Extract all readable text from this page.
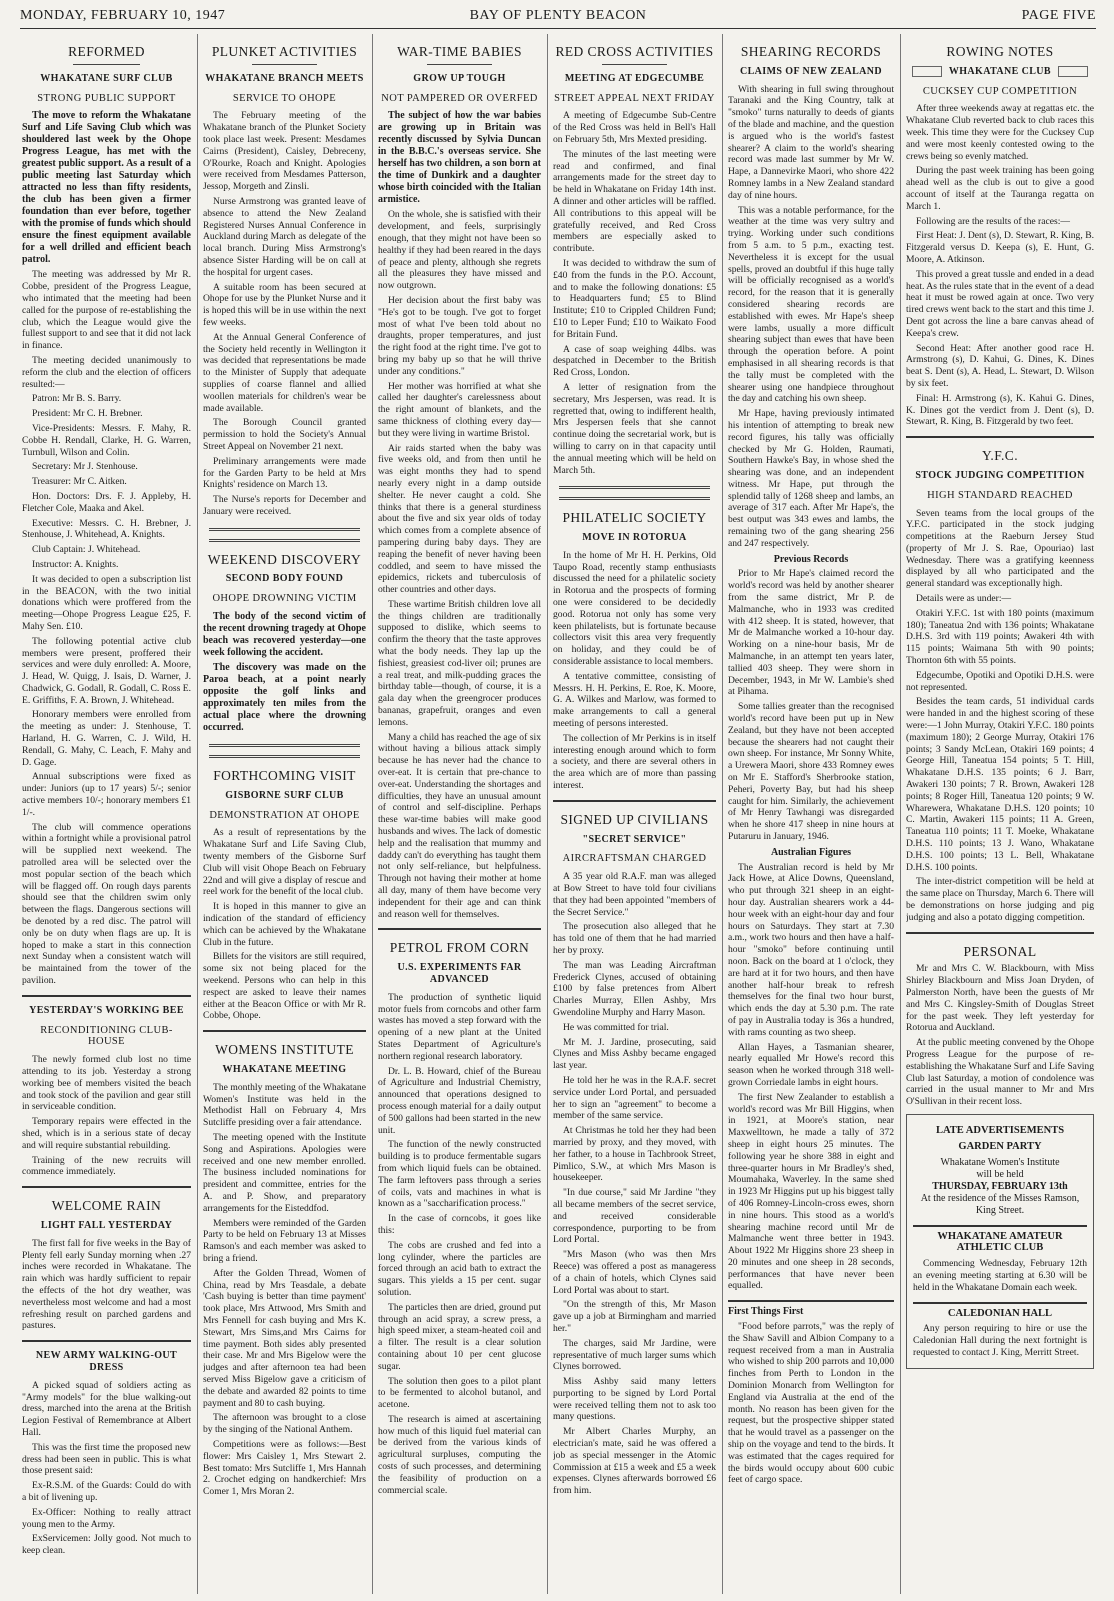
MONDAY, FEBRUARY 10, 1947	BAY OF PLENTY BEACON	PAGE FIVE
REFORMED
WHAKATANE SURF CLUB
STRONG PUBLIC SUPPORT

The move to reform the Whakatane Surf and Life Saving Club which was shouldered last week by the Ohope Progress League, has met with the greatest public support. As a result of a public meeting last Saturday which attracted no less than fifty residents, the club has been given a firmer foundation than ever before, together with the promise of funds which should ensure the finest equipment available for a well drilled and efficient beach patrol.

The meeting was addressed by Mr R. Cobbe, president of the Progress League, who intimated that the meeting had been called for the purpose of re-establishing the club, which the League would give the fullest support to and see that it did not lack in finance.

The meeting decided unanimously to reform the club and the election of officers resulted:—

Patron: Mr B. S. Barry.

President: Mr C. H. Brebner.

Vice-Presidents: Messrs. F. Mahy, R. Cobbe H. Rendall, Clarke, H. G. Warren, Turnbull, Wilson and Colin.

Secretary: Mr J. Stenhouse.

Treasurer: Mr C. Aitken.

Hon. Doctors: Drs. F. J. Appleby, H. Fletcher Cole, Maaka and Akel.

Executive: Messrs. C. H. Brebner, J. Stenhouse, J. Whitehead, A. Knights.

Club Captain: J. Whitehead.

Instructor: A. Knights.

It was decided to open a subscription list in the BEACON, with the two initial donations which were proffered from the meeting—Ohope Progress League £25, F. Mahy Sen. £10.

The following potential active club members were present, proffered their services and were duly enrolled: A. Moore, J. Head, W. Quigg, J. Isais, D. Warner, J. Chadwick, G. Godall, R. Godall, C. Ross E. E. Griffiths, F. A. Brown, J. Whitehead.

Honorary members were enrolled from the meeting as under: J. Stenhouse, T. Harland, H. G. Warren, C. J. Wild, H. Rendall, G. Mahy, C. Leach, F. Mahy and D. Gage.

Annual subscriptions were fixed as under: Juniors (up to 17 years) 5/-; senior active members 10/-; honorary members £1 1/-.

The club will commence operations within a fortnight while a provisional patrol will be supplied next weekend. The patrolled area will be selected over the most popular section of the beach which will be flagged off. On rough days parents should see that the children swim only between the flags. Dangerous sections will be denoted by a red disc. The patrol will only be on duty when flags are up. It is hoped to make a start in this connection next Sunday when a consistent watch will be maintained from the tower of the pavilion.

YESTERDAY'S WORKING BEE
RECONDITIONING CLUB-HOUSE

The newly formed club lost no time attending to its job. Yesterday a strong working bee of members visited the beach and took stock of the pavilion and gear still in serviceable condition.

Temporary repairs were effected in the shed, which is in a serious state of decay and will require substantial rebuilding.

Training of the new recruits will commence immediately.

WELCOME RAIN
LIGHT FALL YESTERDAY

The first fall for five weeks in the Bay of Plenty fell early Sunday morning when .27 inches were recorded in Whakatane. The rain which was hardly sufficient to repair the effects of the hot dry weather, was nevertheless most welcome and had a most refreshing result on parched gardens and pastures.

NEW ARMY WALKING-OUT DRESS

A picked squad of soldiers acting as "Army models" for the blue walking-out dress, marched into the arena at the British Legion Festival of Remembrance at Albert Hall.

This was the first time the proposed new dress had been seen in public. This is what those present said:

Ex-R.S.M. of the Guards: Could do with a bit of livening up.

Ex-Officer: Nothing to really attract young men to the Army.

ExServicemen: Jolly good. Not much to keep clean.

PLUNKET ACTIVITIES
WHAKATANE BRANCH MEETS
SERVICE TO OHOPE

The February meeting of the Whakatane branch of the Plunket Society took place last week. Present: Mesdames Cairns (President), Caisley, Debreceny, O'Rourke, Roach and Knight. Apologies were received from Mesdames Patterson, Jessop, Morgeth and Zinsli.

Nurse Armstrong was granted leave of absence to attend the New Zealand Registered Nurses Annual Conference in Auckland during March as delegate of the local branch. During Miss Armstrong's absence Sister Harding will be on call at the hospital for urgent cases.

A suitable room has been secured at Ohope for use by the Plunket Nurse and it is hoped this will be in use within the next few weeks.

At the Annual General Conference of the Society held recently in Wellington it was decided that representations be made to the Minister of Supply that adequate supplies of coarse flannel and allied woollen materials for children's wear be made available.

The Borough Council granted permission to hold the Society's Annual Street Appeal on November 21 next.

Preliminary arrangements were made for the Garden Party to be held at Mrs Knights' residence on March 13.

The Nurse's reports for December and January were received.

WEEKEND DISCOVERY
SECOND BODY FOUND
OHOPE DROWNING VICTIM

The body of the second victim of the recent drowning tragedy at Ohope beach was recovered yesterday—one week following the accident.

The discovery was made on the Paroa beach, at a point nearly opposite the golf links and approximately ten miles from the actual place where the drowning occurred.

FORTHCOMING VISIT
GISBORNE SURF CLUB
DEMONSTRATION AT OHOPE

As a result of representations by the Whakatane Surf and Life Saving Club, twenty members of the Gisborne Surf Club will visit Ohope Beach on February 22nd and will give a display of rescue and reel work for the benefit of the local club.

It is hoped in this manner to give an indication of the standard of efficiency which can be achieved by the Whakatane Club in the future.

Billets for the visitors are still required, some six not being placed for the weekend. Persons who can help in this respect are asked to leave their names either at the Beacon Office or with Mr R. Cobbe, Ohope.

WOMENS INSTITUTE
WHAKATANE MEETING

The monthly meeting of the Whakatane Women's Institute was held in the Methodist Hall on February 4, Mrs Sutcliffe presiding over a fair attendance.

The meeting opened with the Institute Song and Aspirations. Apologies were received and one new member enrolled. The business included nominations for president and committee, entries for the A. and P. Show, and preparatory arrangements for the Eisteddfod.

Members were reminded of the Garden Party to be held on February 13 at Misses Ramson's and each member was asked to bring a friend.

After the Golden Thread, Women of China, read by Mrs Teasdale, a debate 'Cash buying is better than time payment' took place, Mrs Attwood, Mrs Smith and Mrs Fennell for cash buying and Mrs K. Stewart, Mrs Sims,and Mrs Cairns for time payment. Both sides ably presented their case. Mr and Mrs Bigelow were the judges and after afternoon tea had been served Miss Bigelow gave a criticism of the debate and awarded 82 points to time payment and 80 to cash buying.

The afternoon was brought to a close by the singing of the National Anthem.

Competitions were as follows:—Best flower: Mrs Caisley 1, Mrs Stewart 2. Best tomato: Mrs Sutcliffe 1, Mrs Hannah 2. Crochet edging on handkerchief: Mrs Comer 1, Mrs Moran 2.

WAR-TIME BABIES
GROW UP TOUGH
NOT PAMPERED OR OVERFED

The subject of how the war babies are growing up in Britain was recently discussed by Sylvia Duncan in the B.B.C.'s overseas service. She herself has two children, a son born at the time of Dunkirk and a daughter whose birth coincided with the Italian armistice.

On the whole, she is satisfied with their development, and feels, surprisingly enough, that they might not have been so healthy if they had been reared in the days of peace and plenty, although she regrets all the pleasures they have missed and now outgrown.

Her decision about the first baby was "He's got to be tough. I've got to forget most of what I've been told about no draughts, proper temperatures, and just the right food at the right time. I've got to bring my baby up so that he will thrive under any conditions."

Her mother was horrified at what she called her daughter's carelessness about the right amount of blankets, and the same thickness of clothing every day—but they were living in wartime Bristol.

Air raids started when the baby was five weeks old, and from then until he was eight months they had to spend nearly every night in a damp outside shelter. He never caught a cold. She thinks that there is a general sturdiness about the five and six year olds of today which comes from a complete absence of pampering during baby days. They are reaping the benefit of never having been coddled, and seem to have missed the epidemics, rickets and tuberculosis of other countries and other days.

These wartime British children love all the things children are traditionally supposed to dislike, which seems to confirm the theory that the taste approves what the body needs. They lap up the fishiest, greasiest cod-liver oil; prunes are a real treat, and milk-pudding graces the birthday table—though, of course, it is a gala day when the greengrocer produces bananas, grapefruit, oranges and even lemons.

Many a child has reached the age of six without having a bilious attack simply because he has never had the chance to over-eat. It is certain that pre-chance to over-eat. Understanding the shortages and difficulties, they have an unusual amount of control and self-discipline. Perhaps these war-time babies will make good husbands and wives. The lack of domestic help and the realisation that mummy and daddy can't do everything has taught them not only self-reliance, but helpfulness. Through not having their mother at home all day, many of them have become very independent for their age and can think and reason well for themselves.

PETROL FROM CORN
U.S. EXPERIMENTS FAR ADVANCED

The production of synthetic liquid motor fuels from corncobs and other farm wastes has moved a step forward with the opening of a new plant at the United States Department of Agriculture's northern regional research laboratory.

Dr. L. B. Howard, chief of the Bureau of Agriculture and Industrial Chemistry, announced that operations designed to process enough material for a daily output of 500 gallons had been started in the new unit.

The function of the newly constructed building is to produce fermentable sugars from which liquid fuels can be obtained. The farm leftovers pass through a series of coils, vats and machines in what is known as a "saccharification process."

In the case of corncobs, it goes like this:

The cobs are crushed and fed into a long cylinder, where the particles are forced through an acid bath to extract the sugars. This yields a 15 per cent. sugar solution.

The particles then are dried, ground put through an acid spray, a screw press, a high speed mixer, a steam-heated coil and a filter. The result is a clear solution containing about 10 per cent glucose sugar.

The solution then goes to a pilot plant to be fermented to alcohol butanol, and acetone.

The research is aimed at ascertaining how much of this liquid fuel material can be derived from the various kinds of agricultural surpluses, computing the costs of such processes, and determining the feasibility of production on a commercial scale.

RED CROSS ACTIVITIES
MEETING AT EDGECUMBE
STREET APPEAL NEXT FRIDAY

A meeting of Edgecumbe Sub-Centre of the Red Cross was held in Bell's Hall on February 5th, Mrs Mexted presiding.

The minutes of the last meeting were read and confirmed, and final arrangements made for the street day to be held in Whakatane on Friday 14th inst. A dinner and other articles will be raffled. All contributions to this appeal will be gratefully received, and Red Cross members are especially asked to contribute.

It was decided to withdraw the sum of £40 from the funds in the P.O. Account, and to make the following donations: £5 to Headquarters fund; £5 to Blind Institute; £10 to Crippled Children Fund; £10 to Leper Fund; £10 to Waikato Food for Britain Fund.

A case of soap weighing 44lbs. was despatched in December to the British Red Cross, London.

A letter of resignation from the secretary, Mrs Jespersen, was read. It is regretted that, owing to indifferent health, Mrs Jespersen feels that she cannot continue doing the secretarial work, but is willing to carry on in that capacity until the annual meeting which will be held on March 5th.

PHILATELIC SOCIETY
MOVE IN ROTORUA

In the home of Mr H. H. Perkins, Old Taupo Road, recently stamp enthusiasts discussed the need for a philatelic society in Rotorua and the prospects of forming one were considered to be decidedly good. Rotorua not only has some very keen philatelists, but is fortunate because collectors visit this area very frequently on holiday, and they could be of considerable assistance to local members.

A tentative committee, consisting of Messrs. H. H. Perkins, E. Roe, K. Moore, G. A. Wilkes and Marlow, was formed to make arrangements to call a general meeting of persons interested.

The collection of Mr Perkins is in itself interesting enough around which to form a society, and there are several others in the area which are of more than passing interest.

SIGNED UP CIVILIANS
"SECRET SERVICE"
AIRCRAFTSMAN CHARGED

A 35 year old R.A.F. man was alleged at Bow Street to have told four civilians that they had been appointed "members of the Secret Service."

The prosecution also alleged that he has told one of them that he had married her by proxy.

The man was Leading Aircraftman Frederick Clynes, accused of obtaining £100 by false pretences from Albert Charles Murray, Ellen Ashby, Mrs Gwendoline Murphy and Harry Mason.

He was committed for trial.

Mr M. J. Jardine, prosecuting, said Clynes and Miss Ashby became engaged last year.

He told her he was in the R.A.F. secret service under Lord Portal, and persuaded her to sign an "agreement" to become a member of the same service.

At Christmas he told her they had been married by proxy, and they moved, with her father, to a house in Tachbrook Street, Pimlico, S.W., at which Mrs Mason is housekeeper.

"In due course," said Mr Jardine "they all became members of the secret service, and received considerable correspondence, purporting to be from Lord Portal.

"Mrs Mason (who was then Mrs Reece) was offered a post as manageress of a chain of hotels, which Clynes said Lord Portal was about to start.

"On the strength of this, Mr Mason gave up a job at Birmingham and married her."

The charges, said Mr Jardine, were representative of much larger sums which Clynes borrowed.

Miss Ashby said many letters purporting to be signed by Lord Portal were received telling them not to ask too many questions.

Mr Albert Charles Murphy, an electrician's mate, said he was offered a job as special messenger in the Atomic Commission at £15 a week and £5 a week expenses. Clynes afterwards borrowed £6 from him.

SHEARING RECORDS
CLAIMS OF NEW ZEALAND

With shearing in full swing throughout Taranaki and the King Country, talk at "smoko" turns naturally to deeds of giants of the blade and machine, and the question is argued who is the world's fastest shearer? A claim to the world's shearing record was made last summer by Mr W. Hape, a Dannevirke Maori, who shore 422 Romney lambs in a New Zealand standard day of nine hours.

This was a notable performance, for the weather at the time was very sultry and trying. Working under such conditions from 5 a.m. to 5 p.m., exacting test. Nevertheless it is except for the usual spells, proved an doubtful if this huge tally will be officially recognised as a world's record, for the reason that it is generally considered shearing records are established with ewes. Mr Hape's sheep were lambs, usually a more difficult shearing subject than ewes that have been through the operation before. A point emphasised in all shearing records is that the tally must be completed with the shearer using one handpiece throughout the day and catching his own sheep.

Mr Hape, having previously intimated his intention of attempting to break new record figures, his tally was officially checked by Mr G. Holden, Raumati, Southern Hawke's Bay, in whose shed the shearing was done, and an independent witness. Mr Hape, put through the splendid tally of 1268 sheep and lambs, an average of 317 each. After Mr Hape's, the best output was 343 ewes and lambs, the remaining two of the gang shearing 256 and 247 respectively.

Previous Records

Prior to Mr Hape's claimed record the world's record was held by another shearer from the same district, Mr P. de Malmanche, who in 1933 was credited with 412 sheep. It is stated, however, that Mr de Malmanche worked a 10-hour day. Working on a nine-hour basis, Mr de Malmanche, in an attempt ten years later, tallied 403 sheep. They were shorn in December, 1943, in Mr W. Lambie's shed at Pihama.

Some tallies greater than the recognised world's record have been put up in New Zealand, but they have not been accepted because the shearers had not caught their own sheep. For instance, Mr Sonny White, a Urewera Maori, shore 433 Romney ewes on Mr E. Stafford's Sherbrooke station, Peheri, Poverty Bay, but had his sheep caught for him. Similarly, the achievement of Mr Henry Tawhangi was disregarded when he shore 417 sheep in nine hours at Putaruru in January, 1946.

Australian Figures

The Australian record is held by Mr Jack Howe, at Alice Downs, Queensland, who put through 321 sheep in an eight-hour day. Australian shearers work a 44-hour week with an eight-hour day and four hours on Saturdays. They start at 7.30 a.m., work two hours and then have a half-hour "smoko" before continuing until noon. Back on the board at 1 o'clock, they are hard at it for two hours, and then have another half-hour break to refresh themselves for the final two hour burst, which ends the day at 5.30 p.m. The rate of pay in Australia today is 36s a hundred, with rams counting as two sheep.

Allan Hayes, a Tasmanian shearer, nearly equalled Mr Howe's record this season when he worked through 318 well-grown Corriedale lambs in eight hours.

The first New Zealander to establish a world's record was Mr Bill Higgins, when in 1921, at Moore's station, near Maxwelltown, he made a tally of 372 sheep in eight hours 25 minutes. The following year he shore 388 in eight and three-quarter hours in Mr Bradley's shed, Moumahaka, Waverley. In the same shed in 1923 Mr Higgins put up his biggest tally of 406 Romney-Lincoln-cross ewes, shorn in nine hours. This stood as a world's shearing machine record until Mr de Malmanche went three better in 1943. About 1922 Mr Higgins shore 23 sheep in 20 minutes and one sheep in 28 seconds, performances that have never been equalled.

First Things First

"Food before parrots," was the reply of the Shaw Savill and Albion Company to a request received from a man in Australia who wished to ship 200 parrots and 10,000 finches from Perth to London in the Dominion Monarch from Wellington for England via Australia at the end of the month. No reason has been given for the request, but the prospective shipper stated that he would travel as a passenger on the ship on the voyage and tend to the birds. It was estimated that the cages required for the birds would occupy about 600 cubic feet of cargo space.

ROWING NOTES
WHAKATANE CLUB
CUCKSEY CUP COMPETITION

After three weekends away at regattas etc. the Whakatane Club reverted back to club races this week. This time they were for the Cucksey Cup and were most keenly contested owing to the crews being so evenly matched.

During the past week training has been going ahead well as the club is out to give a good account of itself at the Tauranga regatta on March 1.

Following are the results of the races:—

First Heat: J. Dent (s), D. Stewart, R. King, B. Fitzgerald versus D. Keepa (s), E. Hunt, G. Moore, A. Atkinson.

This proved a great tussle and ended in a dead heat. As the rules state that in the event of a dead heat it must be rowed again at once. Two very tired crews went back to the start and this time J. Dent got across the line a bare canvas ahead of Keepa's crew.

Second Heat: After another good race H. Armstrong (s), D. Kahui, G. Dines, K. Dines beat S. Dent (s), A. Head, L. Stewart, D. Wilson by six feet.

Final: H. Armstrong (s), K. Kahui G. Dines, K. Dines got the verdict from J. Dent (s), D. Stewart, R. King, B. Fitzgerald by two feet.

Y.F.C.
STOCK JUDGING COMPETITION
HIGH STANDARD REACHED

Seven teams from the local groups of the Y.F.C. participated in the stock judging competitions at the Raeburn Jersey Stud (property of Mr J. S. Rae, Opouriao) last Wednesday. There was a gratifying keenness displayed by all who participated and the general standard was exceptionally high.

Details were as under:—

Otakiri Y.F.C. 1st with 180 points (maximum 180); Taneatua 2nd with 136 points; Whakatane D.H.S. 3rd with 119 points; Awakeri 4th with 115 points; Waimana 5th with 90 points; Thornton 6th with 55 points.

Edgecumbe, Opotiki and Opotiki D.H.S. were not represented.

Besides the team cards, 51 individual cards were handed in and the highest scoring of these were:—1 John Murray, Otakiri Y.F.C. 180 points (maximum 180); 2 George Murray, Otakiri 176 points; 3 Sandy McLean, Otakiri 169 points; 4 George Hill, Taneatua 154 points; 5 T. Hill, Whakatane D.H.S. 135 points; 6 J. Barr, Awakeri 130 points; 7 R. Brown, Awakeri 128 points; 8 Roger Hill, Taneatua 120 points; 9 W. Wharewera, Whakatane D.H.S. 120 points; 10 C. Martin, Awakeri 115 points; 11 A. Green, Taneatua 110 points; 11 T. Moeke, Whakatane D.H.S. 110 points; 13 J. Wano, Whakatane D.H.S. 100 points; 13 L. Bell, Whakatane D.H.S. 100 points.

The inter-district competition will be held at the same place on Thursday, March 6. There will be demonstrations on horse judging and pig judging and also a potato digging competition.

PERSONAL

Mr and Mrs C. W. Blackbourn, with Miss Shirley Blackbourn and Miss Joan Dryden, of Palmerston North, have been the guests of Mr and Mrs C. Kingsley-Smith of Douglas Street for the past week. They left yesterday for Rotorua and Auckland.

At the public meeting convened by the Ohope Progress League for the purpose of re-establishing the Whakatane Surf and Life Saving Club last Saturday, a motion of condolence was carried in the usual manner to Mr and Mrs O'Sullivan in their recent loss.

LATE ADVERTISEMENTS
GARDEN PARTY
Whakatane Women's Institute
will be held
THURSDAY, FEBRUARY 13th
At the residence of the Misses Ramson, King Street.
WHAKATANE AMATEUR ATHLETIC CLUB

Commencing Wednesday, February 12th an evening meeting starting at 6.30 will be held in the Whakatane Domain each week.

CALEDONIAN HALL

Any person requiring to hire or use the Caledonian Hall during the next fortnight is requested to contact J. King, Merritt Street.
